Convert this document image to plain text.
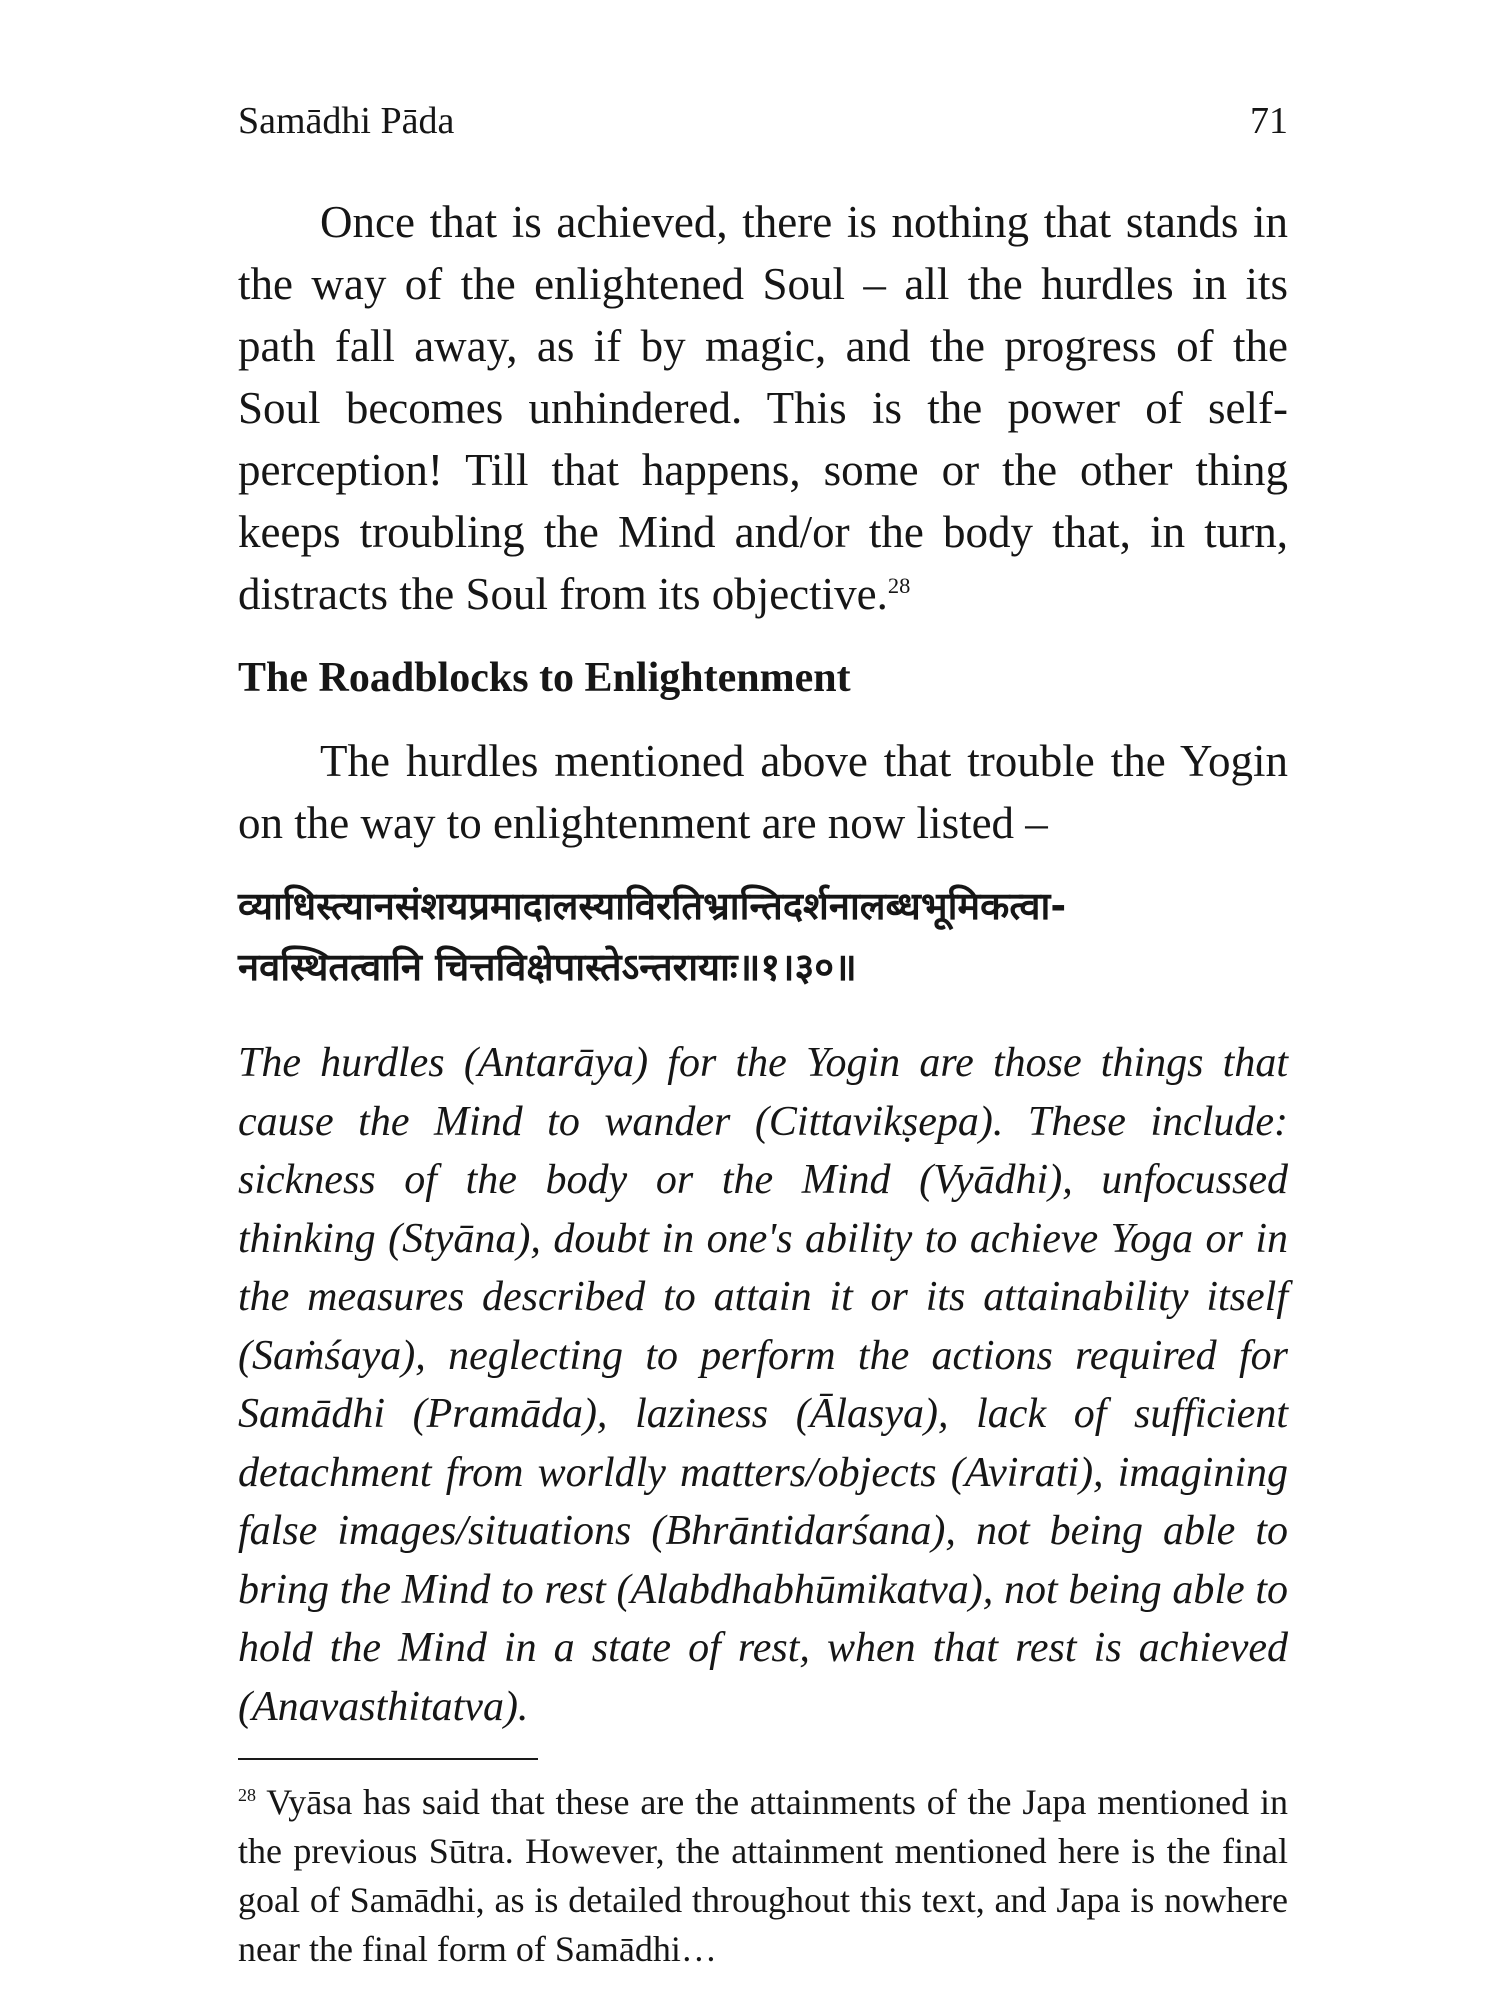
Samādhi Pāda	71

Once that is achieved, there is nothing that stands in the way of the enlightened Soul – all the hurdles in its path fall away, as if by magic, and the progress of the Soul becomes unhindered. This is the power of self-perception! Till that happens, some or the other thing keeps troubling the Mind and/or the body that, in turn, distracts the Soul from its objective.$^{28}$

The Roadblocks to Enlightenment

The hurdles mentioned above that trouble the Yogin on the way to enlightenment are now listed –

व्याधिस्त्यानसंशयप्रमादालस्याविरतिभ्रान्तिदर्शनालब्धभूमिकत्वा-
नवस्थितत्वानि चित्तविक्षेपास्तेऽन्तरायाः॥१।३०॥

The hurdles (Antarāya) for the Yogin are those things that cause the Mind to wander (Cittavikṣepa). These include: sickness of the body or the Mind (Vyādhi), unfocussed thinking (Styāna), doubt in one's ability to achieve Yoga or in the measures described to attain it or its attainability itself (Saṁśaya), neglecting to perform the actions required for Samādhi (Pramāda), laziness (Ālasya), lack of sufficient detachment from worldly matters/objects (Avirati), imagining false images/situations (Bhrāntidarśana), not being able to bring the Mind to rest (Alabdhabhūmikatva), not being able to hold the Mind in a state of rest, when that rest is achieved (Anavasthitatva).

$^{28}$ Vyāsa has said that these are the attainments of the Japa mentioned in the previous Sūtra. However, the attainment mentioned here is the final goal of Samādhi, as is detailed throughout this text, and Japa is nowhere near the final form of Samādhi…
